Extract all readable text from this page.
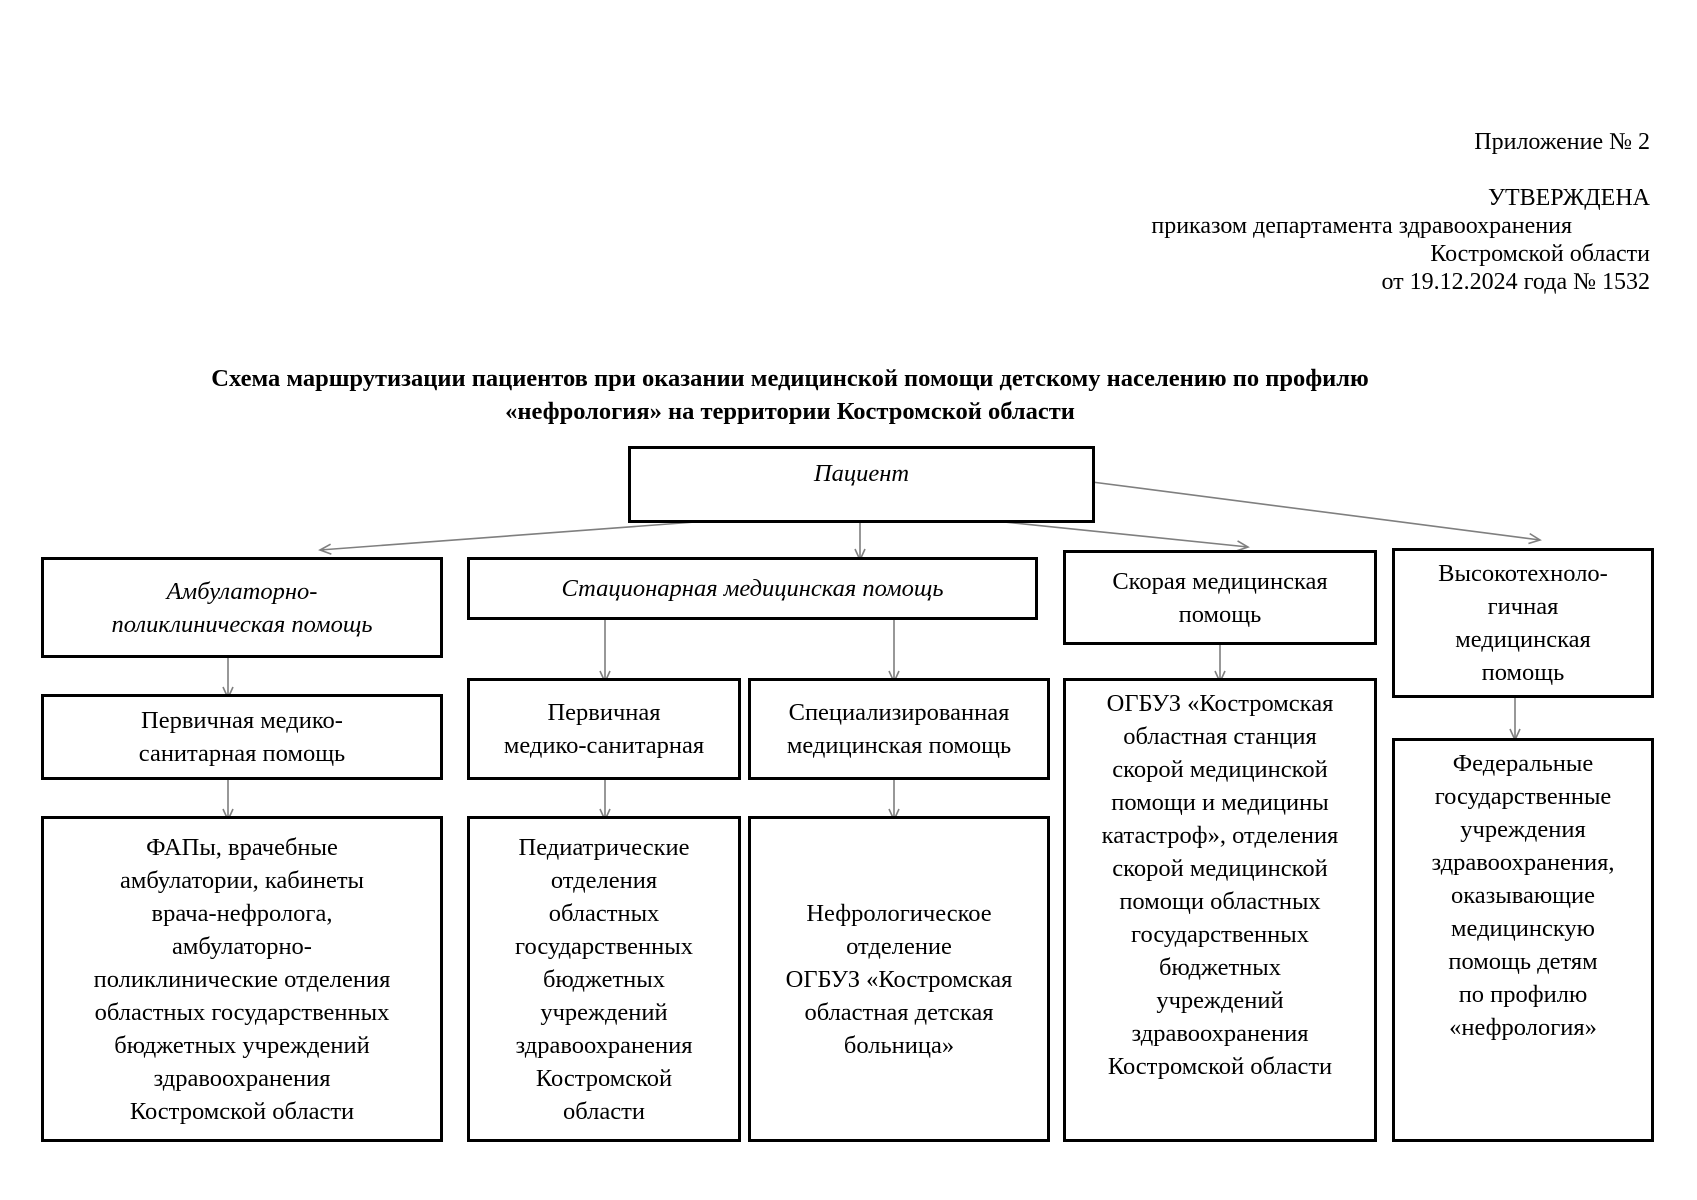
Приложение № 2
УТВЕРЖДЕНА
приказом департамента здравоохранения
Костромской области
от 19.12.2024 года № 1532
Схема маршрутизации пациентов при оказании медицинской помощи детскому населению по профилю
«нефрология» на территории Костромской области
Пациент
Амбулаторно-
поликлиническая помощь
Стационарная медицинская помощь	Скорая медицинская
помощь
Высокотехноло-
гичная
медицинская
помощь
Первичная медико-
санитарная помощь
Первичная
медико-санитарная
Специализированная
медицинская помощь
ОГБУЗ «Костромская
областная станция
скорой медицинской
помощи и медицины
катастроф», отделения
скорой медицинской
помощи областных
государственных
бюджетных
учреждений
здравоохранения
Костромской области
Федеральные
государственные
учреждения
здравоохранения,
оказывающие
медицинскую
помощь детям
по профилю
«нефрология»
ФАПы, врачебные
амбулатории, кабинеты
врача-нефролога,
амбулаторно-
поликлинические отделения
областных государственных
бюджетных учреждений
здравоохранения
Костромской области
Педиатрические
отделения
областных
государственных
бюджетных
учреждений
здравоохранения
Костромской
области
Нефрологическое
отделение
ОГБУЗ «Костромская
областная детская
больница»
